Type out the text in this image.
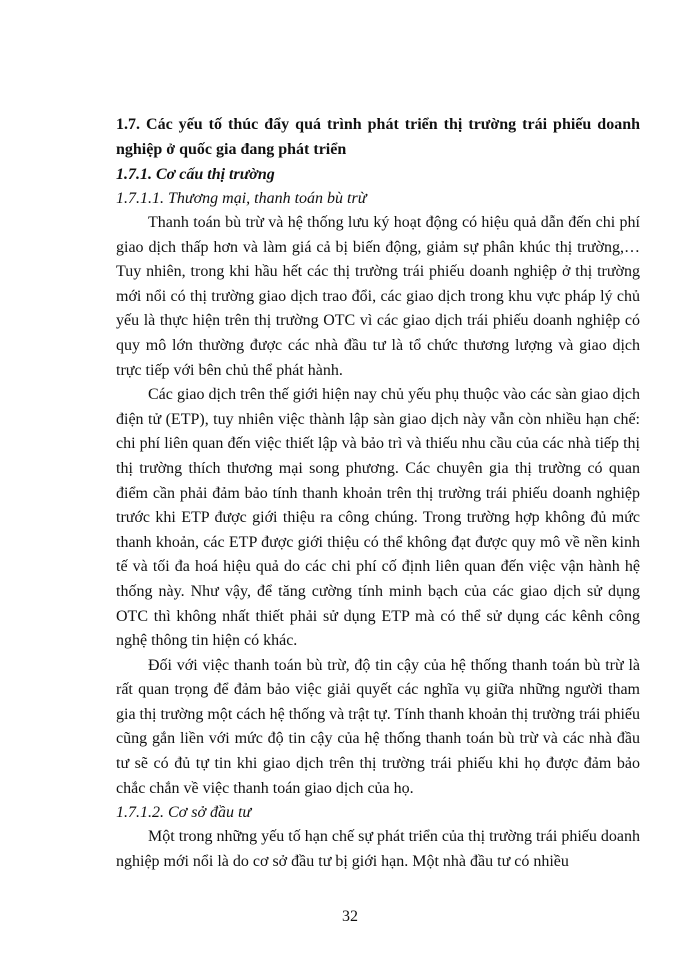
1.7. Các yếu tố thúc đẩy quá trình phát triển thị trường trái phiếu doanh nghiệp ở quốc gia đang phát triển

1.7.1. Cơ cấu thị trường

1.7.1.1. Thương mại, thanh toán bù trừ

Thanh toán bù trừ và hệ thống lưu ký hoạt động có hiệu quả dẫn đến chi phí giao dịch thấp hơn và làm giá cả bị biến động, giảm sự phân khúc thị trường,… Tuy nhiên, trong khi hầu hết các thị trường trái phiếu doanh nghiệp ở thị trường mới nổi có thị trường giao dịch trao đổi, các giao dịch trong khu vực pháp lý chủ yếu là thực hiện trên thị trường OTC vì các giao dịch trái phiếu doanh nghiệp có quy mô lớn thường được các nhà đầu tư là tổ chức thương lượng và giao dịch trực tiếp với bên chủ thể phát hành.

Các giao dịch trên thế giới hiện nay chủ yếu phụ thuộc vào các sàn giao dịch điện tử (ETP), tuy nhiên việc thành lập sàn giao dịch này vẫn còn nhiều hạn chế: chi phí liên quan đến việc thiết lập và bảo trì và thiếu nhu cầu của các nhà tiếp thị thị trường thích thương mại song phương. Các chuyên gia thị trường có quan điểm cần phải đảm bảo tính thanh khoản trên thị trường trái phiếu doanh nghiệp trước khi ETP được giới thiệu ra công chúng. Trong trường hợp không đủ mức thanh khoản, các ETP được giới thiệu có thể không đạt được quy mô về nền kinh tế và tối đa hoá hiệu quả do các chi phí cố định liên quan đến việc vận hành hệ thống này. Như vậy, để tăng cường tính minh bạch của các giao dịch sử dụng OTC thì không nhất thiết phải sử dụng ETP mà có thể sử dụng các kênh công nghệ thông tin hiện có khác.

Đối với việc thanh toán bù trừ, độ tin cậy của hệ thống thanh toán bù trừ là rất quan trọng để đảm bảo việc giải quyết các nghĩa vụ giữa những người tham gia thị trường một cách hệ thống và trật tự. Tính thanh khoản thị trường trái phiếu cũng gắn liền với mức độ tin cậy của hệ thống thanh toán bù trừ và các nhà đầu tư sẽ có đủ tự tin khi giao dịch trên thị trường trái phiếu khi họ được đảm bảo chắc chắn về việc thanh toán giao dịch của họ.

1.7.1.2. Cơ sở đầu tư

Một trong những yếu tố hạn chế sự phát triển của thị trường trái phiếu doanh nghiệp mới nổi là do cơ sở đầu tư bị giới hạn. Một nhà đầu tư có nhiều

32
